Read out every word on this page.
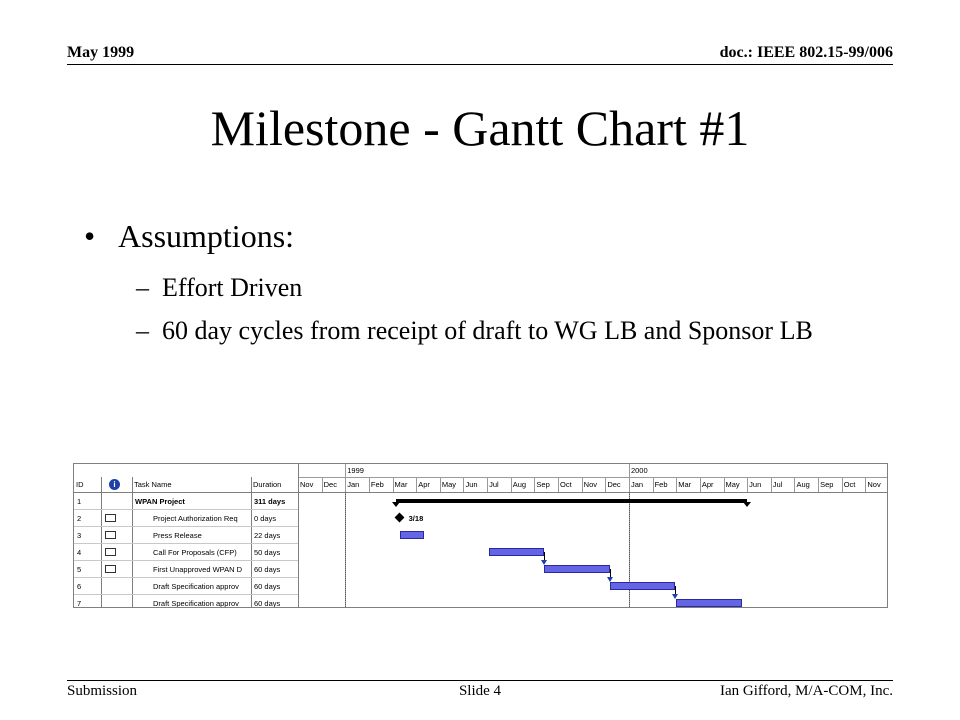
May 1999	doc.: IEEE 802.15-99/006
Milestone - Gantt Chart #1
• Assumptions:
– Effort Driven
– 60 day cycles from receipt of draft to WG LB and Sponsor LB
ID	i	Task Name	Duration
1999	2000
Nov	Dec	Jan	Feb	Mar	Apr	May	Jun	Jul	Aug	Sep	Oct	Nov	Dec	Jan	Feb	Mar	Apr	May	Jun	Jul	Aug	Sep	Oct	Nov
1	WPAN Project	311 days
2	Project Authorization Req	0 days	3/18
3	Press Release	22 days
4	Call For Proposals (CFP)	50 days
5	First Unapproved WPAN D	60 days
6	Draft Specification approv	60 days
7	Draft Specification approv	60 days
Submission	Slide 4	Ian Gifford, M/A-COM, Inc.
